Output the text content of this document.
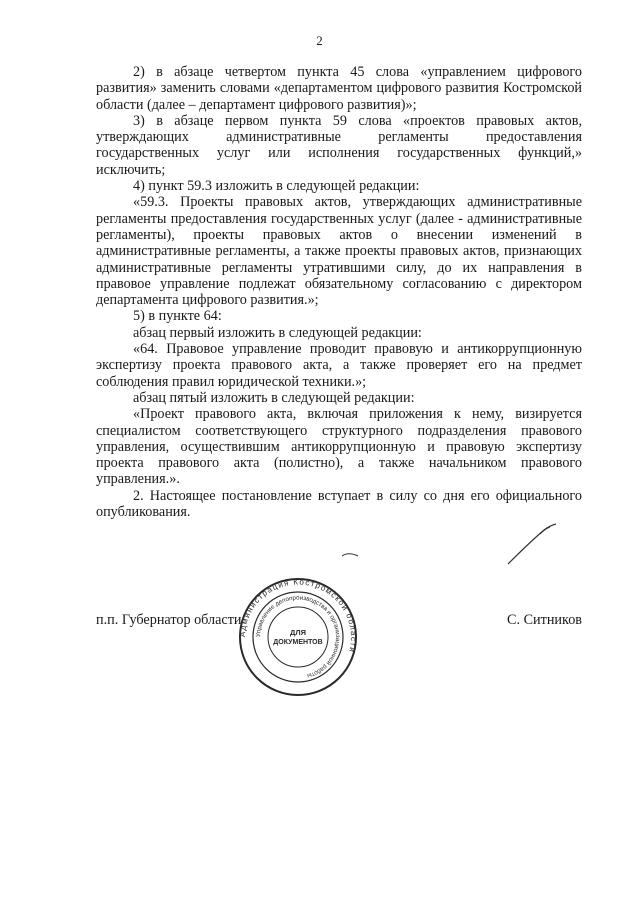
2

2) в абзаце четвертом пункта 45 слова «управлением цифрового развития» заменить словами «департаментом цифрового развития Костромской области (далее – департамент цифрового развития)»;

3) в абзаце первом пункта 59 слова «проектов правовых актов, утверждающих административные регламенты предоставления государственных услуг или исполнения государственных функций,» исключить;

4) пункт 59.3 изложить в следующей редакции:

«59.3. Проекты правовых актов, утверждающих административные регламенты предоставления государственных услуг (далее - административные регламенты), проекты правовых актов о внесении изменений в административные регламенты, а также проекты правовых актов, признающих административные регламенты утратившими силу, до их направления в правовое управление подлежат обязательному согласованию с директором департамента цифрового развития.»;

5) в пункте 64:

абзац первый изложить в следующей редакции:

«64. Правовое управление проводит правовую и антикоррупционную экспертизу проекта правового акта, а также проверяет его на предмет соблюдения правил юридической техники.»;

абзац пятый изложить в следующей редакции:

«Проект правового акта, включая приложения к нему, визируется специалистом соответствующего структурного подразделения правового управления, осуществившим антикоррупционную и правовую экспертизу проекта правового акта (полистно), а также начальником правового управления.».

2. Настоящее постановление вступает в силу со дня его официального опубликования.

п.п. Губернатор области	С. Ситников
Администрация Костромской области
Управление делопроизводства и организационной работы
ДЛЯ
ДОКУМЕНТОВ
